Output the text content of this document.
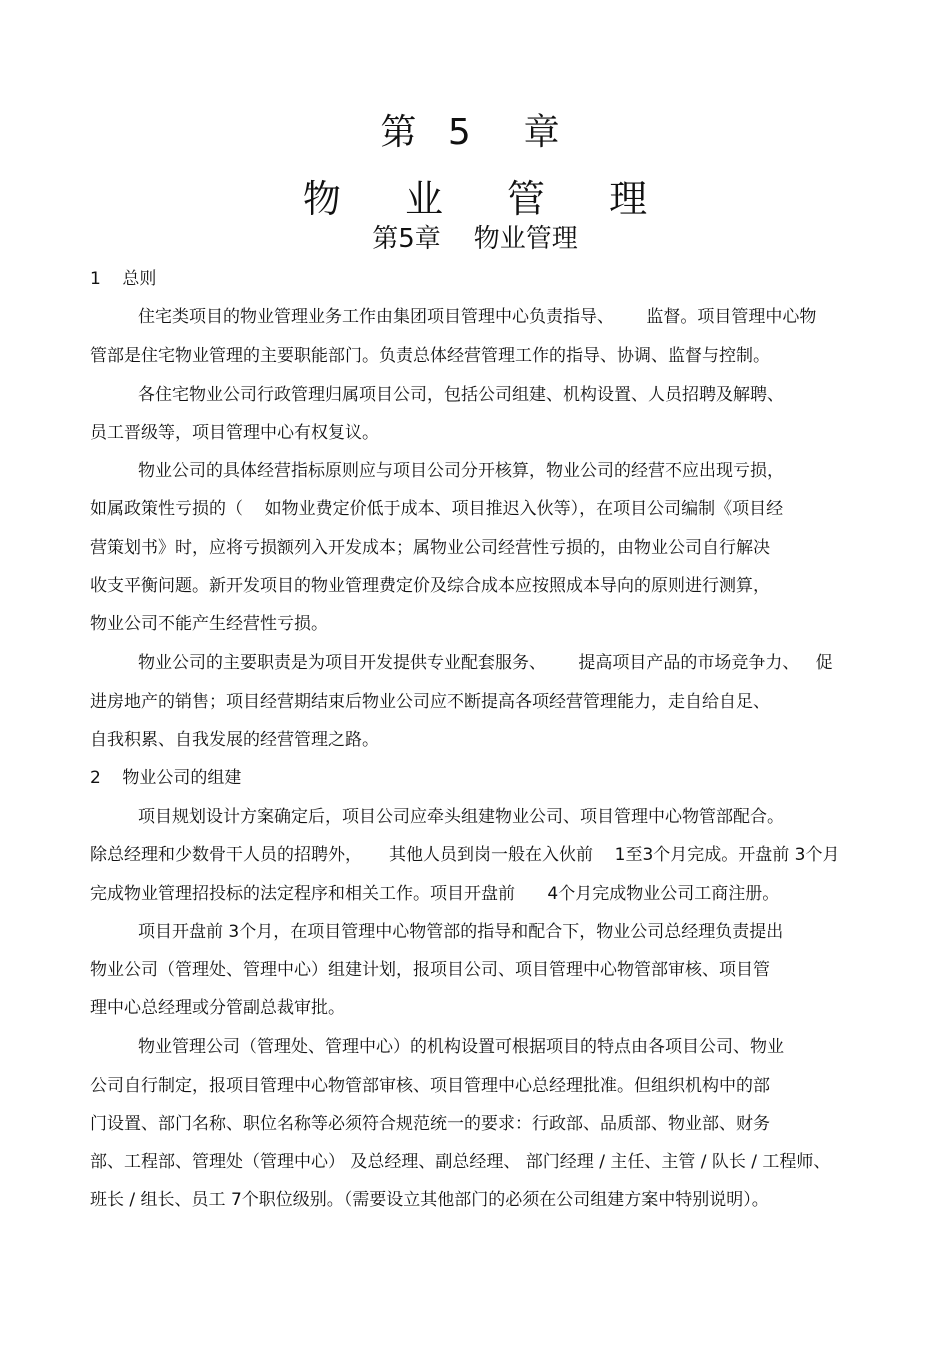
第 5  章
物 业 管 理
第5章    物业管理
1    总则
住宅类项目的物业管理业务工作由集团项目管理中心负责指导、      监督。项目管理中心物
管部是住宅物业管理的主要职能部门。负责总体经营管理工作的指导、协调、监督与控制。
各住宅物业公司行政管理归属项目公司，包括公司组建、机构设置、人员招聘及解聘、
员工晋级等，项目管理中心有权复议。
物业公司的具体经营指标原则应与项目公司分开核算，物业公司的经营不应出现亏损，
如属政策性亏损的（    如物业费定价低于成本、项目推迟入伙等），在项目公司编制《项目经
营策划书》时，应将亏损额列入开发成本；属物业公司经营性亏损的，由物业公司自行解决
收支平衡问题。新开发项目的物业管理费定价及综合成本应按照成本导向的原则进行测算，
物业公司不能产生经营性亏损。
物业公司的主要职责是为项目开发提供专业配套服务、      提高项目产品的市场竞争力、   促
进房地产的销售；项目经营期结束后物业公司应不断提高各项经营管理能力，走自给自足、
自我积累、自我发展的经营管理之路。
2    物业公司的组建
项目规划设计方案确定后，项目公司应牵头组建物业公司、项目管理中心物管部配合。
除总经理和少数骨干人员的招聘外，     其他人员到岗一般在入伙前    1至3个月完成。开盘前 3个月
完成物业管理招投标的法定程序和相关工作。项目开盘前      4个月完成物业公司工商注册。
项目开盘前 3个月，在项目管理中心物管部的指导和配合下，物业公司总经理负责提出
物业公司（管理处、管理中心）组建计划，报项目公司、项目管理中心物管部审核、项目管
理中心总经理或分管副总裁审批。
物业管理公司（管理处、管理中心）的机构设置可根据项目的特点由各项目公司、物业
公司自行制定，报项目管理中心物管部审核、项目管理中心总经理批准。但组织机构中的部
门设置、部门名称、职位名称等必须符合规范统一的要求：行政部、品质部、物业部、财务
部、工程部、管理处（管理中心） 及总经理、副总经理、 部门经理 / 主任、主管 / 队长 / 工程师、
班长 / 组长、员工 7个职位级别。（需要设立其他部门的必须在公司组建方案中特别说明）。
